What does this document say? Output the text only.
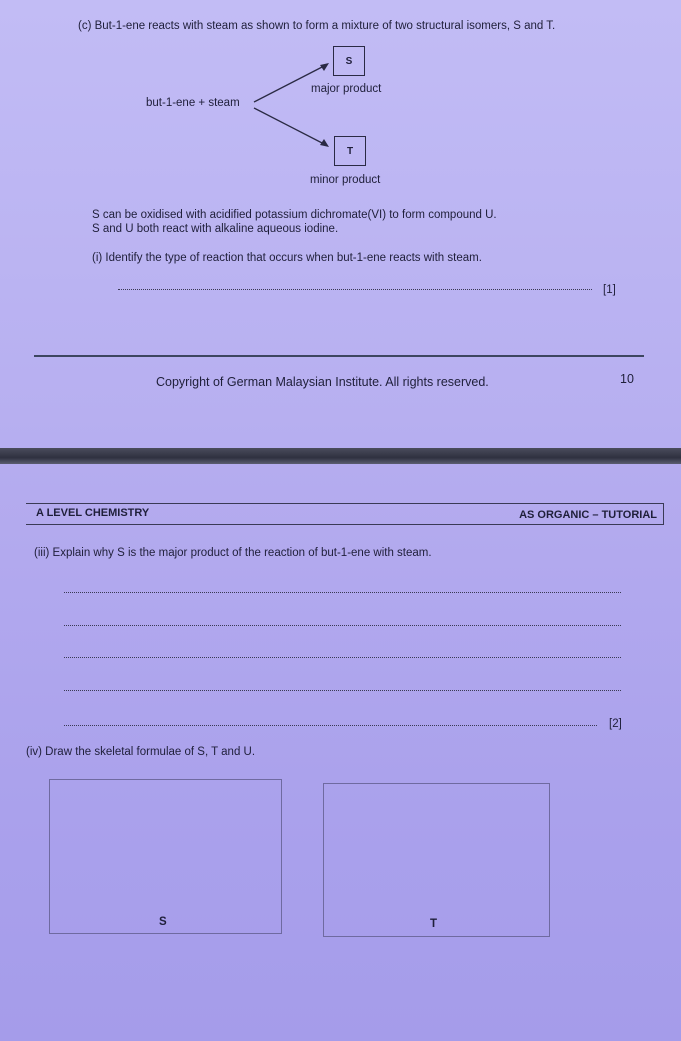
(c) But-1-ene reacts with steam as shown to form a mixture of two structural isomers, S and T.
but-1-ene + steam
S
major product
T
minor product
S can be oxidised with acidified potassium dichromate(VI) to form compound U.
S and U both react with alkaline aqueous iodine.
(i) Identify the type of reaction that occurs when but-1-ene reacts with steam.
[1]
Copyright of German Malaysian Institute. All rights reserved.	10
A LEVEL CHEMISTRY	AS ORGANIC – TUTORIAL
(iii) Explain why S is the major product of the reaction of but-1-ene with steam.
[2]
(iv) Draw the skeletal formulae of S, T and U.
S	T
